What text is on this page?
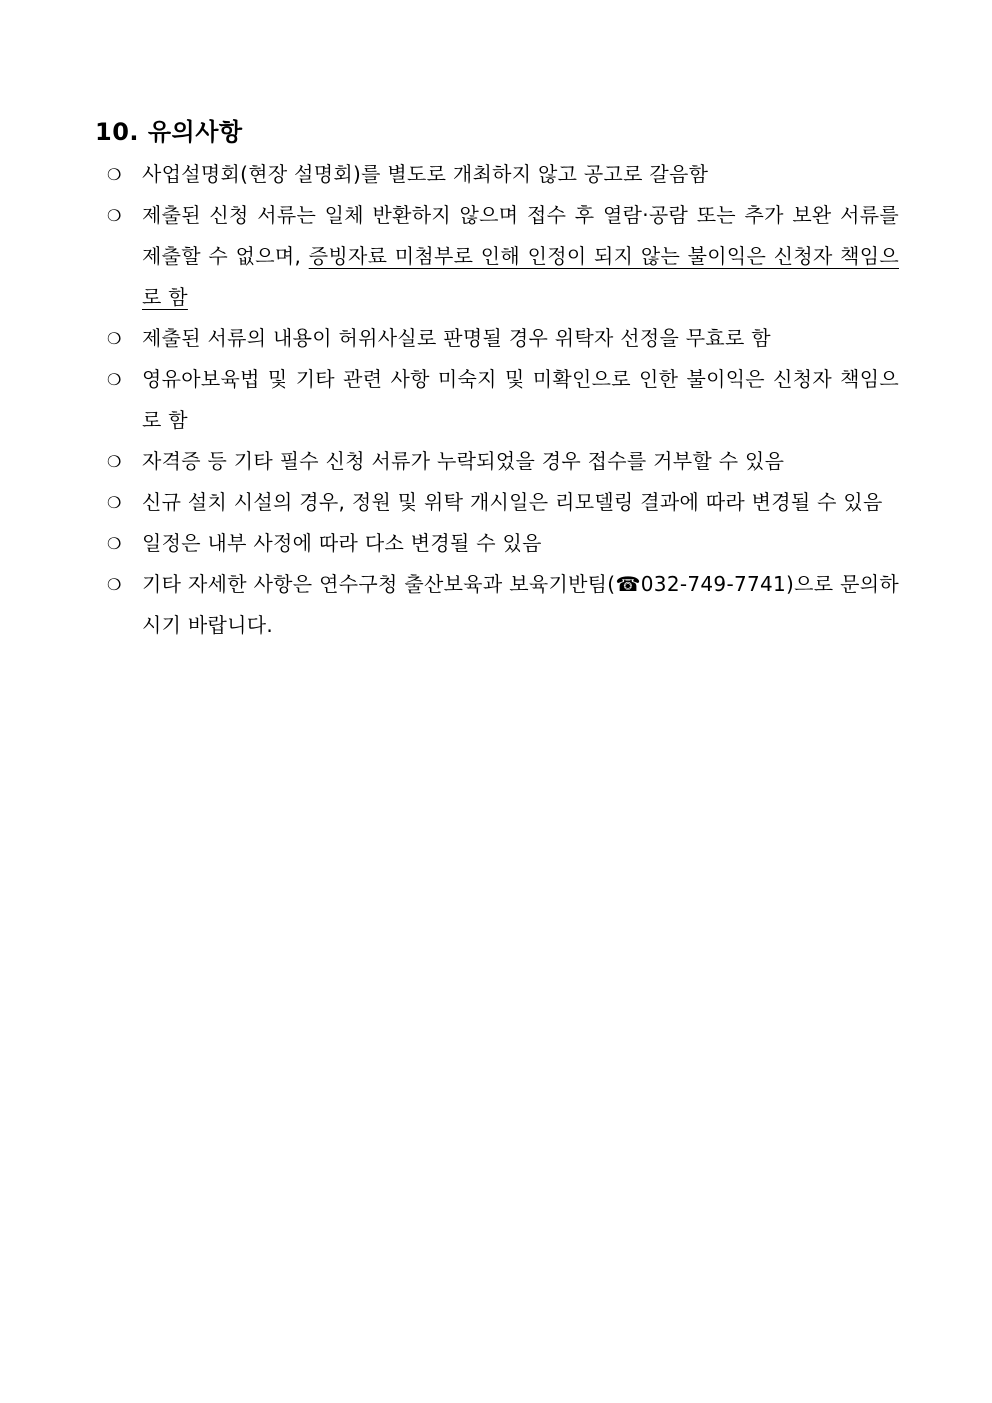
10. 유의사항
❍ 사업설명회(현장 설명회)를 별도로 개최하지 않고 공고로 갈음함
❍ 제출된 신청 서류는 일체 반환하지 않으며 접수 후 열람·공람 또는 추가 보완 서류를 제출할 수 없으며, 증빙자료 미첨부로 인해 인정이 되지 않는 불이익은 신청자 책임으로 함
❍ 제출된 서류의 내용이 허위사실로 판명될 경우 위탁자 선정을 무효로 함
❍ 영유아보육법 및 기타 관련 사항 미숙지 및 미확인으로 인한 불이익은 신청자 책임으로 함
❍ 자격증 등 기타 필수 신청 서류가 누락되었을 경우 접수를 거부할 수 있음
❍ 신규 설치 시설의 경우, 정원 및 위탁 개시일은 리모델링 결과에 따라 변경될 수 있음
❍ 일정은 내부 사정에 따라 다소 변경될 수 있음
❍ 기타 자세한 사항은 연수구청 출산보육과 보육기반팀(☎032-749-7741)으로 문의하시기 바랍니다.
